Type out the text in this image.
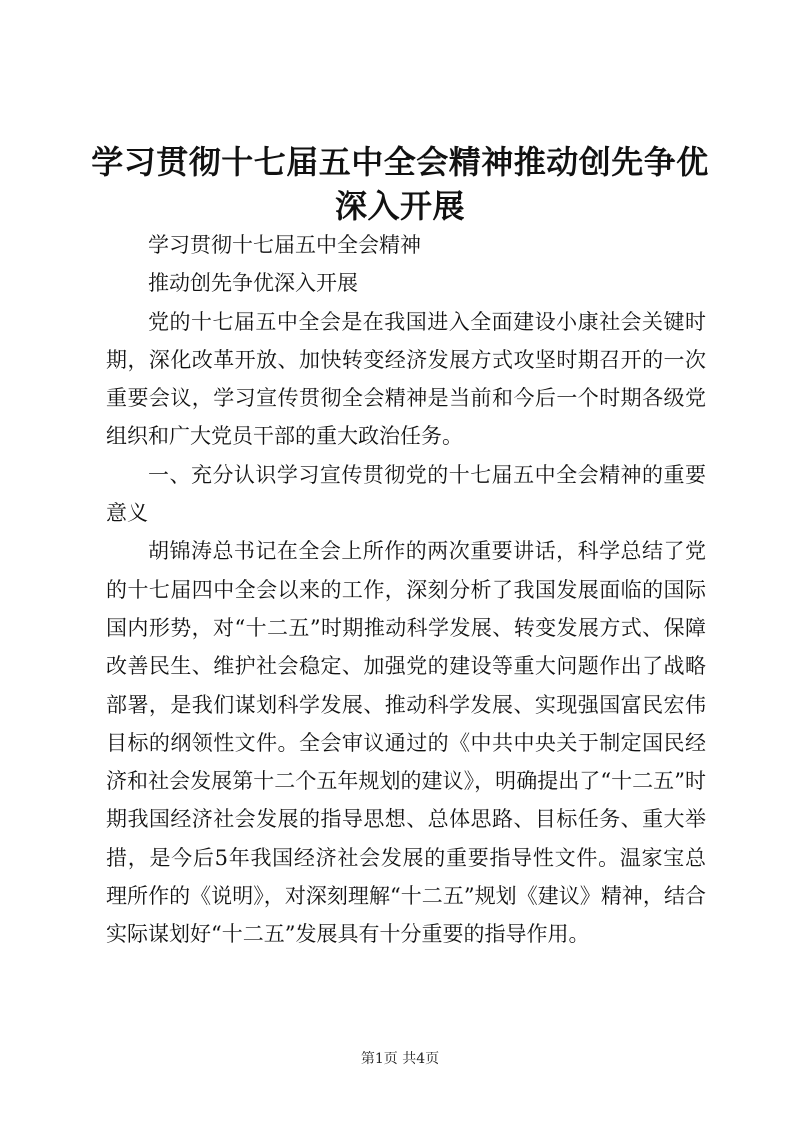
学习贯彻十七届五中全会精神推动创先争优深入开展

学习贯彻十七届五中全会精神

推动创先争优深入开展

党的十七届五中全会是在我国进入全面建设小康社会关键时期，深化改革开放、加快转变经济发展方式攻坚时期召开的一次重要会议，学习宣传贯彻全会精神是当前和今后一个时期各级党组织和广大党员干部的重大政治任务。

一、充分认识学习宣传贯彻党的十七届五中全会精神的重要意义

胡锦涛总书记在全会上所作的两次重要讲话，科学总结了党的十七届四中全会以来的工作，深刻分析了我国发展面临的国际国内形势，对“十二五”时期推动科学发展、转变发展方式、保障改善民生、维护社会稳定、加强党的建设等重大问题作出了战略部署，是我们谋划科学发展、推动科学发展、实现强国富民宏伟目标的纲领性文件。全会审议通过的《中共中央关于制定国民经济和社会发展第十二个五年规划的建议》，明确提出了“十二五”时期我国经济社会发展的指导思想、总体思路、目标任务、重大举措，是今后5年我国经济社会发展的重要指导性文件。温家宝总理所作的《说明》，对深刻理解“十二五”规划《建议》精神，结合实际谋划好“十二五”发展具有十分重要的指导作用。

第1页 共4页
